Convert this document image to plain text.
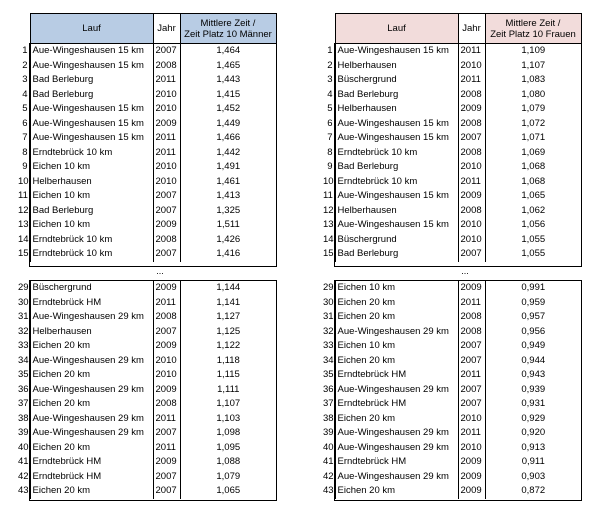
	Lauf	Jahr	Mittlere Zeit /
Zeit Platz 10 Männer
		Lauf	Jahr	Mittlere Zeit /
Zeit Platz 10 Frauen
1	Aue-Wingeshausen 15 km	2007	1,464
2	Aue-Wingeshausen 15 km	2008	1,465
3	Bad Berleburg	2011	1,443
4	Bad Berleburg	2010	1,415
5	Aue-Wingeshausen 15 km	2010	1,452
6	Aue-Wingeshausen 15 km	2009	1,449
7	Aue-Wingeshausen 15 km	2011	1,466
8	Erndtebrück 10 km	2011	1,442
9	Eichen 10 km	2010	1,491
10	Helberhausen	2010	1,461
11	Eichen 10 km	2007	1,413
12	Bad Berleburg	2007	1,325
13	Eichen 10 km	2009	1,511
14	Erndtebrück 10 km	2008	1,426
15	Erndtebrück 10 km	2007	1,416
1	Aue-Wingeshausen 15 km	2011	1,109
2	Helberhausen	2010	1,107
3	Büschergrund	2011	1,083
4	Bad Berleburg	2008	1,080
5	Helberhausen	2009	1,079
6	Aue-Wingeshausen 15 km	2008	1,072
7	Aue-Wingeshausen 15 km	2007	1,071
8	Erndtebrück 10 km	2008	1,069
9	Bad Berleburg	2010	1,068
10	Erndtebrück 10 km	2011	1,068
11	Aue-Wingeshausen 15 km	2009	1,065
12	Helberhausen	2008	1,062
13	Aue-Wingeshausen 15 km	2010	1,056
14	Büschergrund	2010	1,055
15	Bad Berleburg	2007	1,055
...	...
29	Büschergrund	2009	1,144
30	Erndtebrück HM	2011	1,141
31	Aue-Wingeshausen 29 km	2008	1,127
32	Helberhausen	2007	1,125
33	Eichen 20 km	2009	1,122
34	Aue-Wingeshausen 29 km	2010	1,118
35	Eichen 20 km	2010	1,115
36	Aue-Wingeshausen 29 km	2009	1,111
37	Eichen 20 km	2008	1,107
38	Aue-Wingeshausen 29 km	2011	1,103
39	Aue-Wingeshausen 29 km	2007	1,098
40	Eichen 20 km	2011	1,095
41	Erndtebrück HM	2009	1,088
42	Erndtebrück HM	2007	1,079
43	Eichen 20 km	2007	1,065
29	Eichen 10 km	2009	0,991
30	Eichen 20 km	2011	0,959
31	Eichen 20 km	2008	0,957
32	Aue-Wingeshausen 29 km	2008	0,956
33	Eichen 10 km	2007	0,949
34	Eichen 20 km	2007	0,944
35	Erndtebrück HM	2011	0,943
36	Aue-Wingeshausen 29 km	2007	0,939
37	Erndtebrück HM	2007	0,931
38	Eichen 20 km	2010	0,929
39	Aue-Wingeshausen 29 km	2011	0,920
40	Aue-Wingeshausen 29 km	2010	0,913
41	Erndtebrück HM	2009	0,911
42	Aue-Wingeshausen 29 km	2009	0,903
43	Eichen 20 km	2009	0,872
